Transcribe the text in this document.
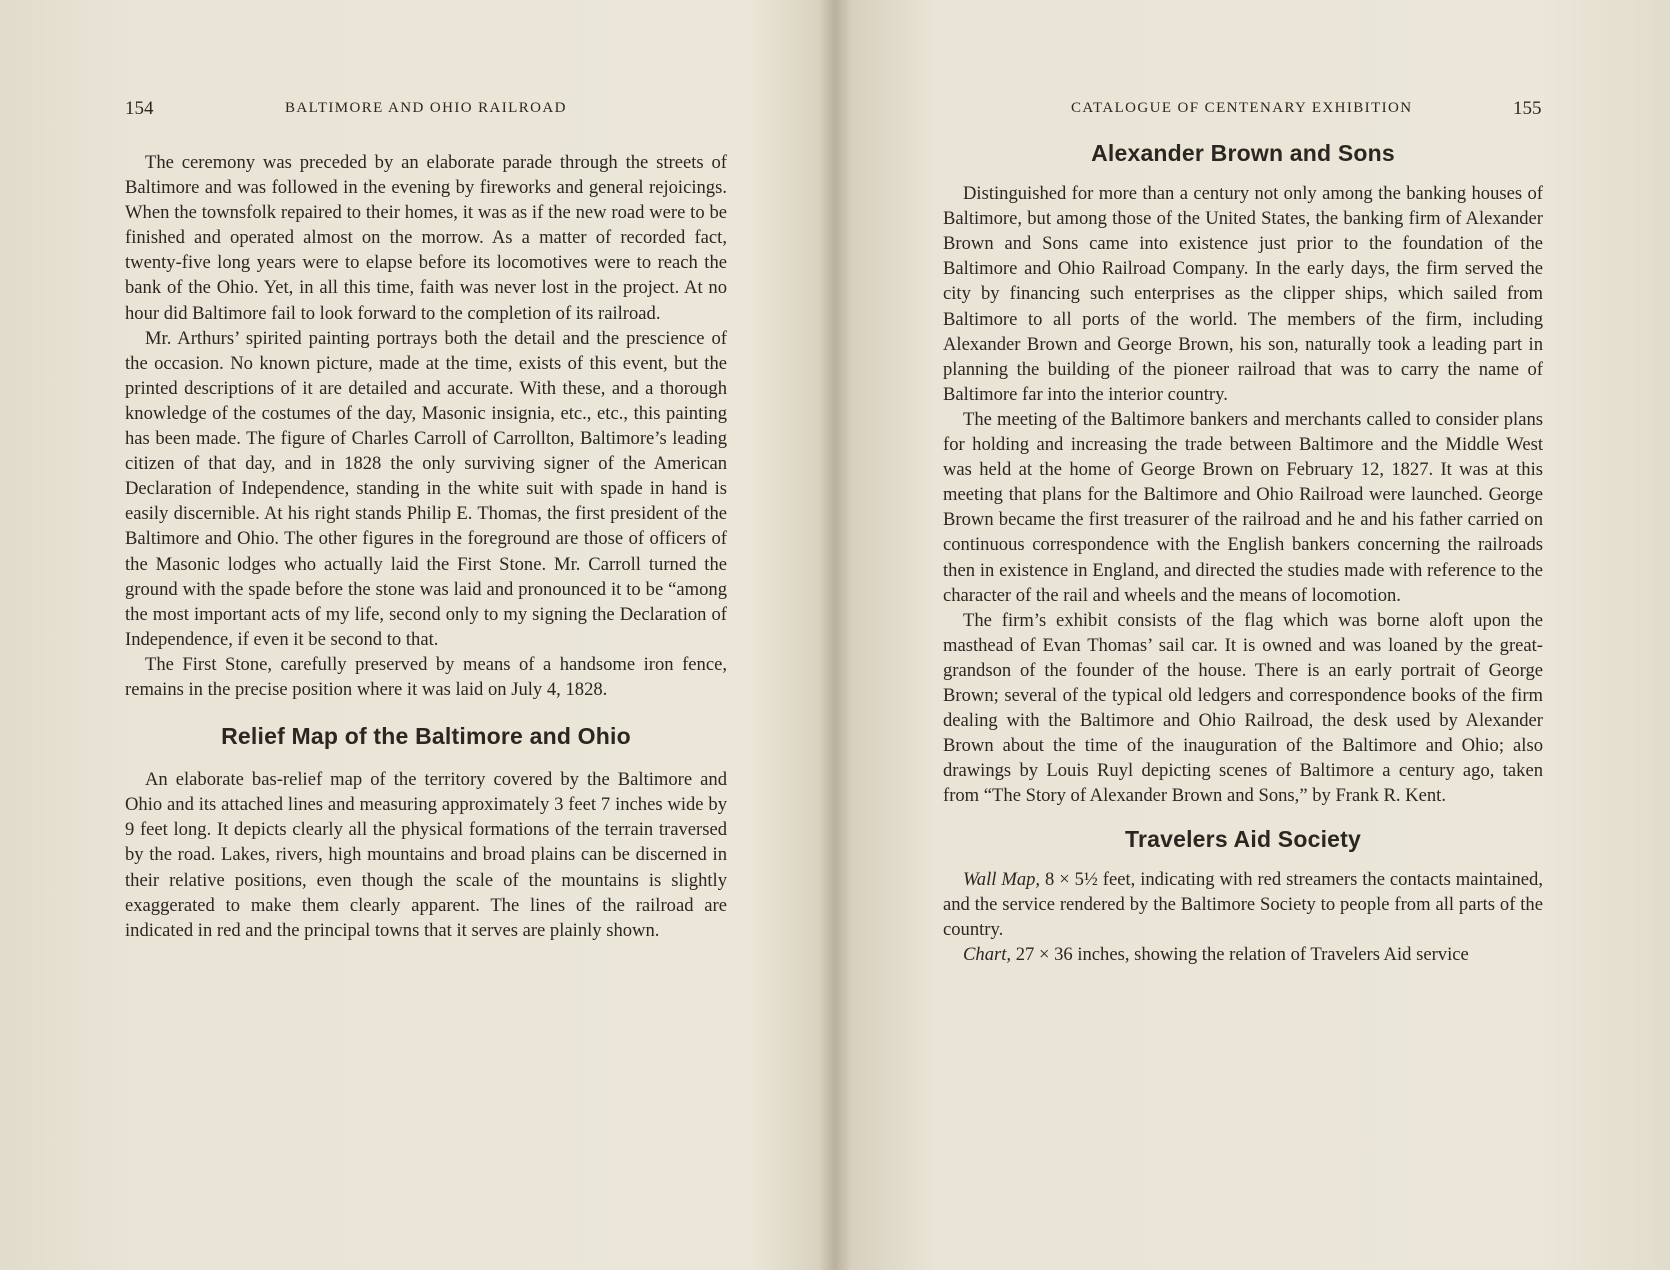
154	BALTIMORE AND OHIO RAILROAD

The ceremony was preceded by an elaborate parade through the streets of Baltimore and was followed in the evening by fireworks and general rejoicings. When the townsfolk repaired to their homes, it was as if the new road were to be finished and operated almost on the morrow. As a matter of recorded fact, twenty-five long years were to elapse before its locomotives were to reach the bank of the Ohio. Yet, in all this time, faith was never lost in the project. At no hour did Baltimore fail to look forward to the completion of its railroad.

Mr. Arthurs’ spirited painting portrays both the detail and the prescience of the occasion. No known picture, made at the time, exists of this event, but the printed descriptions of it are detailed and accurate. With these, and a thorough knowledge of the costumes of the day, Masonic insignia, etc., etc., this painting has been made. The figure of Charles Carroll of Carrollton, Baltimore’s leading citizen of that day, and in 1828 the only surviving signer of the American Declaration of Independence, standing in the white suit with spade in hand is easily discernible. At his right stands Philip E. Thomas, the first president of the Baltimore and Ohio. The other figures in the foreground are those of officers of the Masonic lodges who actually laid the First Stone. Mr. Carroll turned the ground with the spade before the stone was laid and pronounced it to be “among the most important acts of my life, second only to my signing the Declaration of Independence, if even it be second to that.

The First Stone, carefully preserved by means of a handsome iron fence, remains in the precise position where it was laid on July 4, 1828.

Relief Map of the Baltimore and Ohio

An elaborate bas-relief map of the territory covered by the Baltimore and Ohio and its attached lines and measuring approximately 3 feet 7 inches wide by 9 feet long. It depicts clearly all the physical formations of the terrain traversed by the road. Lakes, rivers, high mountains and broad plains can be discerned in their relative positions, even though the scale of the mountains is slightly exaggerated to make them clearly apparent. The lines of the railroad are indicated in red and the principal towns that it serves are plainly shown.

CATALOGUE OF CENTENARY EXHIBITION	155
Alexander Brown and Sons

Distinguished for more than a century not only among the banking houses of Baltimore, but among those of the United States, the banking firm of Alexander Brown and Sons came into existence just prior to the foundation of the Baltimore and Ohio Railroad Company. In the early days, the firm served the city by financing such enterprises as the clipper ships, which sailed from Baltimore to all ports of the world. The members of the firm, including Alexander Brown and George Brown, his son, naturally took a leading part in planning the building of the pioneer railroad that was to carry the name of Baltimore far into the interior country.

The meeting of the Baltimore bankers and merchants called to consider plans for holding and increasing the trade between Baltimore and the Middle West was held at the home of George Brown on February 12, 1827. It was at this meeting that plans for the Baltimore and Ohio Railroad were launched. George Brown became the first treasurer of the railroad and he and his father carried on continuous correspondence with the English bankers concerning the railroads then in existence in England, and directed the studies made with reference to the character of the rail and wheels and the means of locomotion.

The firm’s exhibit consists of the flag which was borne aloft upon the masthead of Evan Thomas’ sail car. It is owned and was loaned by the great-grandson of the founder of the house. There is an early portrait of George Brown; several of the typical old ledgers and correspondence books of the firm dealing with the Baltimore and Ohio Railroad, the desk used by Alexander Brown about the time of the inauguration of the Baltimore and Ohio; also drawings by Louis Ruyl depicting scenes of Baltimore a century ago, taken from “The Story of Alexander Brown and Sons,” by Frank R. Kent.

Travelers Aid Society

Wall Map, 8 × 5½ feet, indicating with red streamers the contacts maintained, and the service rendered by the Baltimore Society to people from all parts of the country.

Chart, 27 × 36 inches, showing the relation of Travelers Aid service
